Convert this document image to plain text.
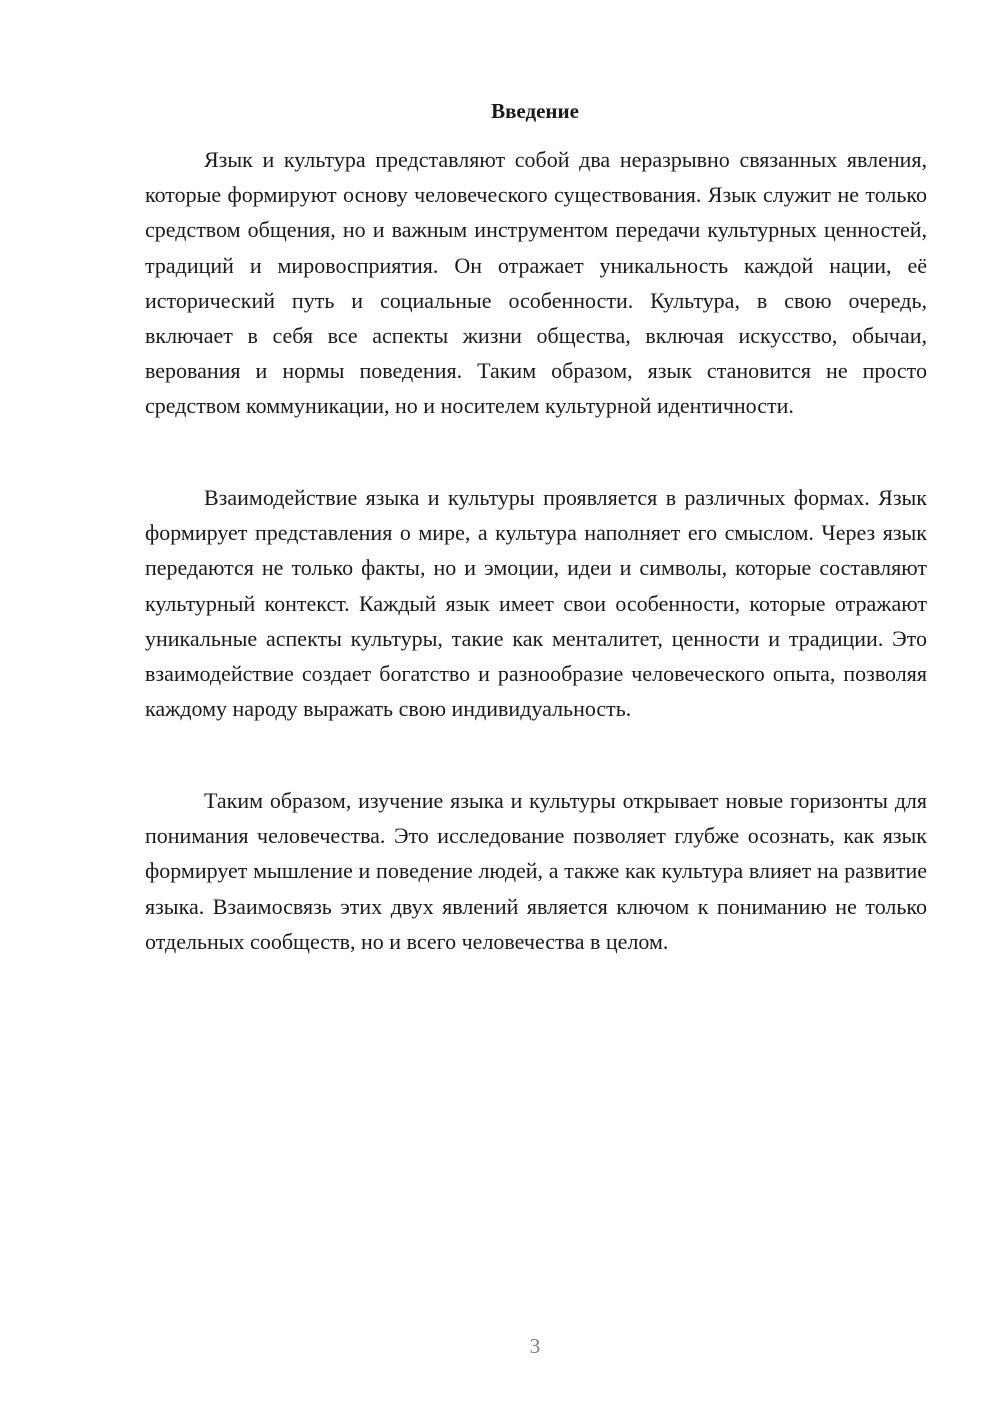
Введение

Язык и культура представляют собой два неразрывно связанных явления, которые формируют основу человеческого существования. Язык служит не только средством общения, но и важным инструментом передачи культурных ценностей, традиций и мировосприятия. Он отражает уникальность каждой нации, её исторический путь и социальные особенности. Культура, в свою очередь, включает в себя все аспекты жизни общества, включая искусство, обычаи, верования и нормы поведения. Таким образом, язык становится не просто средством коммуникации, но и носителем культурной идентичности.

Взаимодействие языка и культуры проявляется в различных формах. Язык формирует представления о мире, а культура наполняет его смыслом. Через язык передаются не только факты, но и эмоции, идеи и символы, которые составляют культурный контекст. Каждый язык имеет свои особенности, которые отражают уникальные аспекты культуры, такие как менталитет, ценности и традиции. Это взаимодействие создает богатство и разнообразие человеческого опыта, позволяя каждому народу выражать свою индивидуальность.

Таким образом, изучение языка и культуры открывает новые горизонты для понимания человечества. Это исследование позволяет глубже осознать, как язык формирует мышление и поведение людей, а также как культура влияет на развитие языка. Взаимосвязь этих двух явлений является ключом к пониманию не только отдельных сообществ, но и всего человечества в целом.

3
